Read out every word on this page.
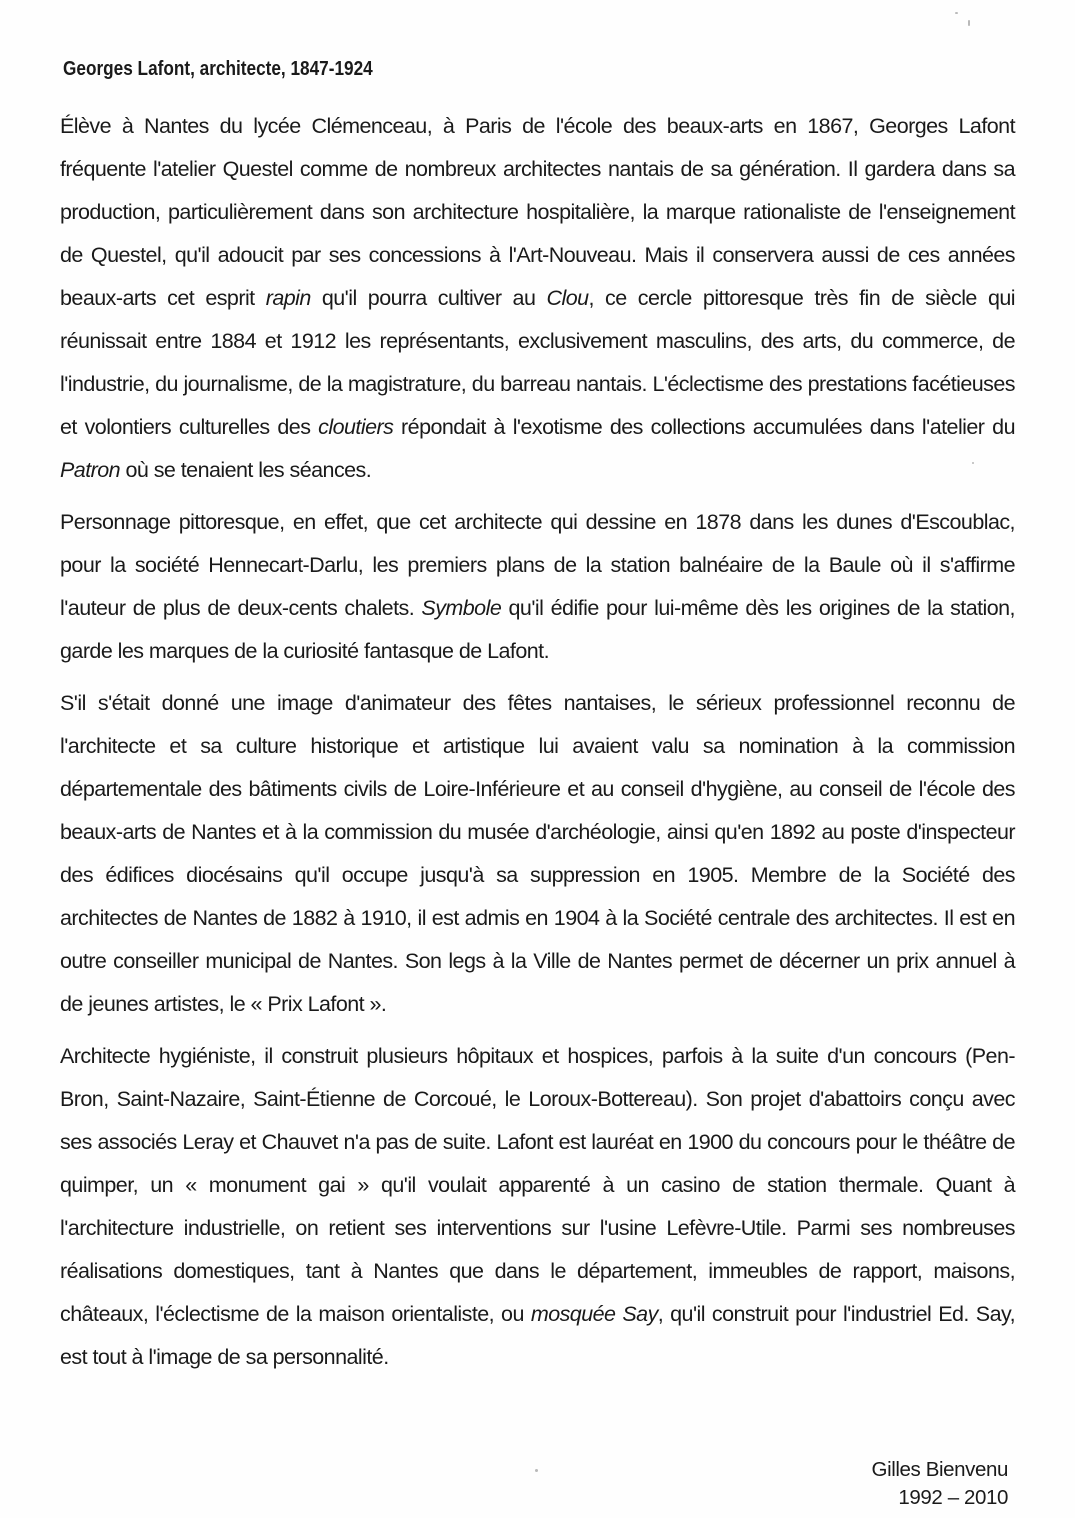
Georges Lafont, architecte, 1847-1924
Élève à Nantes du lycée Clémenceau, à Paris de l'école des beaux-arts en 1867, Georges Lafont fréquente l'atelier Questel comme de nombreux architectes nantais de sa génération. Il gardera dans sa production, particulièrement dans son architecture hospitalière, la marque rationaliste de l'enseignement de Questel, qu'il adoucit par ses concessions à l'Art-Nouveau. Mais il conservera aussi de ces années beaux-arts cet esprit rapin qu'il pourra cultiver au Clou, ce cercle pittoresque très fin de siècle qui réunissait entre 1884 et 1912 les représentants, exclusivement masculins, des arts, du commerce, de l'industrie, du journalisme, de la magistrature, du barreau nantais. L'éclectisme des prestations facétieuses et volontiers culturelles des cloutiers répondait à l'exotisme des collections accumulées dans l'atelier du Patron où se tenaient les séances.
Personnage pittoresque, en effet, que cet architecte qui dessine en 1878 dans les dunes d'Escoublac, pour la société Hennecart-Darlu, les premiers plans de la station balnéaire de la Baule où il s'affirme l'auteur de plus de deux-cents chalets. Symbole qu'il édifie pour lui-même dès les origines de la station, garde les marques de la curiosité fantasque de Lafont.
S'il s'était donné une image d'animateur des fêtes nantaises, le sérieux professionnel reconnu de l'architecte et sa culture historique et artistique lui avaient valu sa nomination à la commission départementale des bâtiments civils de Loire-Inférieure et au conseil d'hygiène, au conseil de l'école des beaux-arts de Nantes et à la commission du musée d'archéologie, ainsi qu'en 1892 au poste d'inspecteur des édifices diocésains qu'il occupe jusqu'à sa suppression en 1905. Membre de la Société des architectes de Nantes de 1882 à 1910, il est admis en 1904 à la Société centrale des architectes. Il est en outre conseiller municipal de Nantes. Son legs à la Ville de Nantes permet de décerner un prix annuel à de jeunes artistes, le « Prix Lafont ».
Architecte hygiéniste, il construit plusieurs hôpitaux et hospices, parfois à la suite d'un concours (Pen-Bron, Saint-Nazaire, Saint-Étienne de Corcoué, le Loroux-Bottereau). Son projet d'abattoirs conçu avec ses associés Leray et Chauvet n'a pas de suite. Lafont est lauréat en 1900 du concours pour le théâtre de quimper, un « monument gai » qu'il voulait apparenté à un casino de station thermale. Quant à l'architecture industrielle, on retient ses interventions sur l'usine Lefèvre-Utile. Parmi ses nombreuses réalisations domestiques, tant à Nantes que dans le département, immeubles de rapport, maisons, châteaux, l'éclectisme de la maison orientaliste, ou mosquée Say, qu'il construit pour l'industriel Ed. Say, est tout à l'image de sa personnalité.
Gilles Bienvenu
1992 – 2010
